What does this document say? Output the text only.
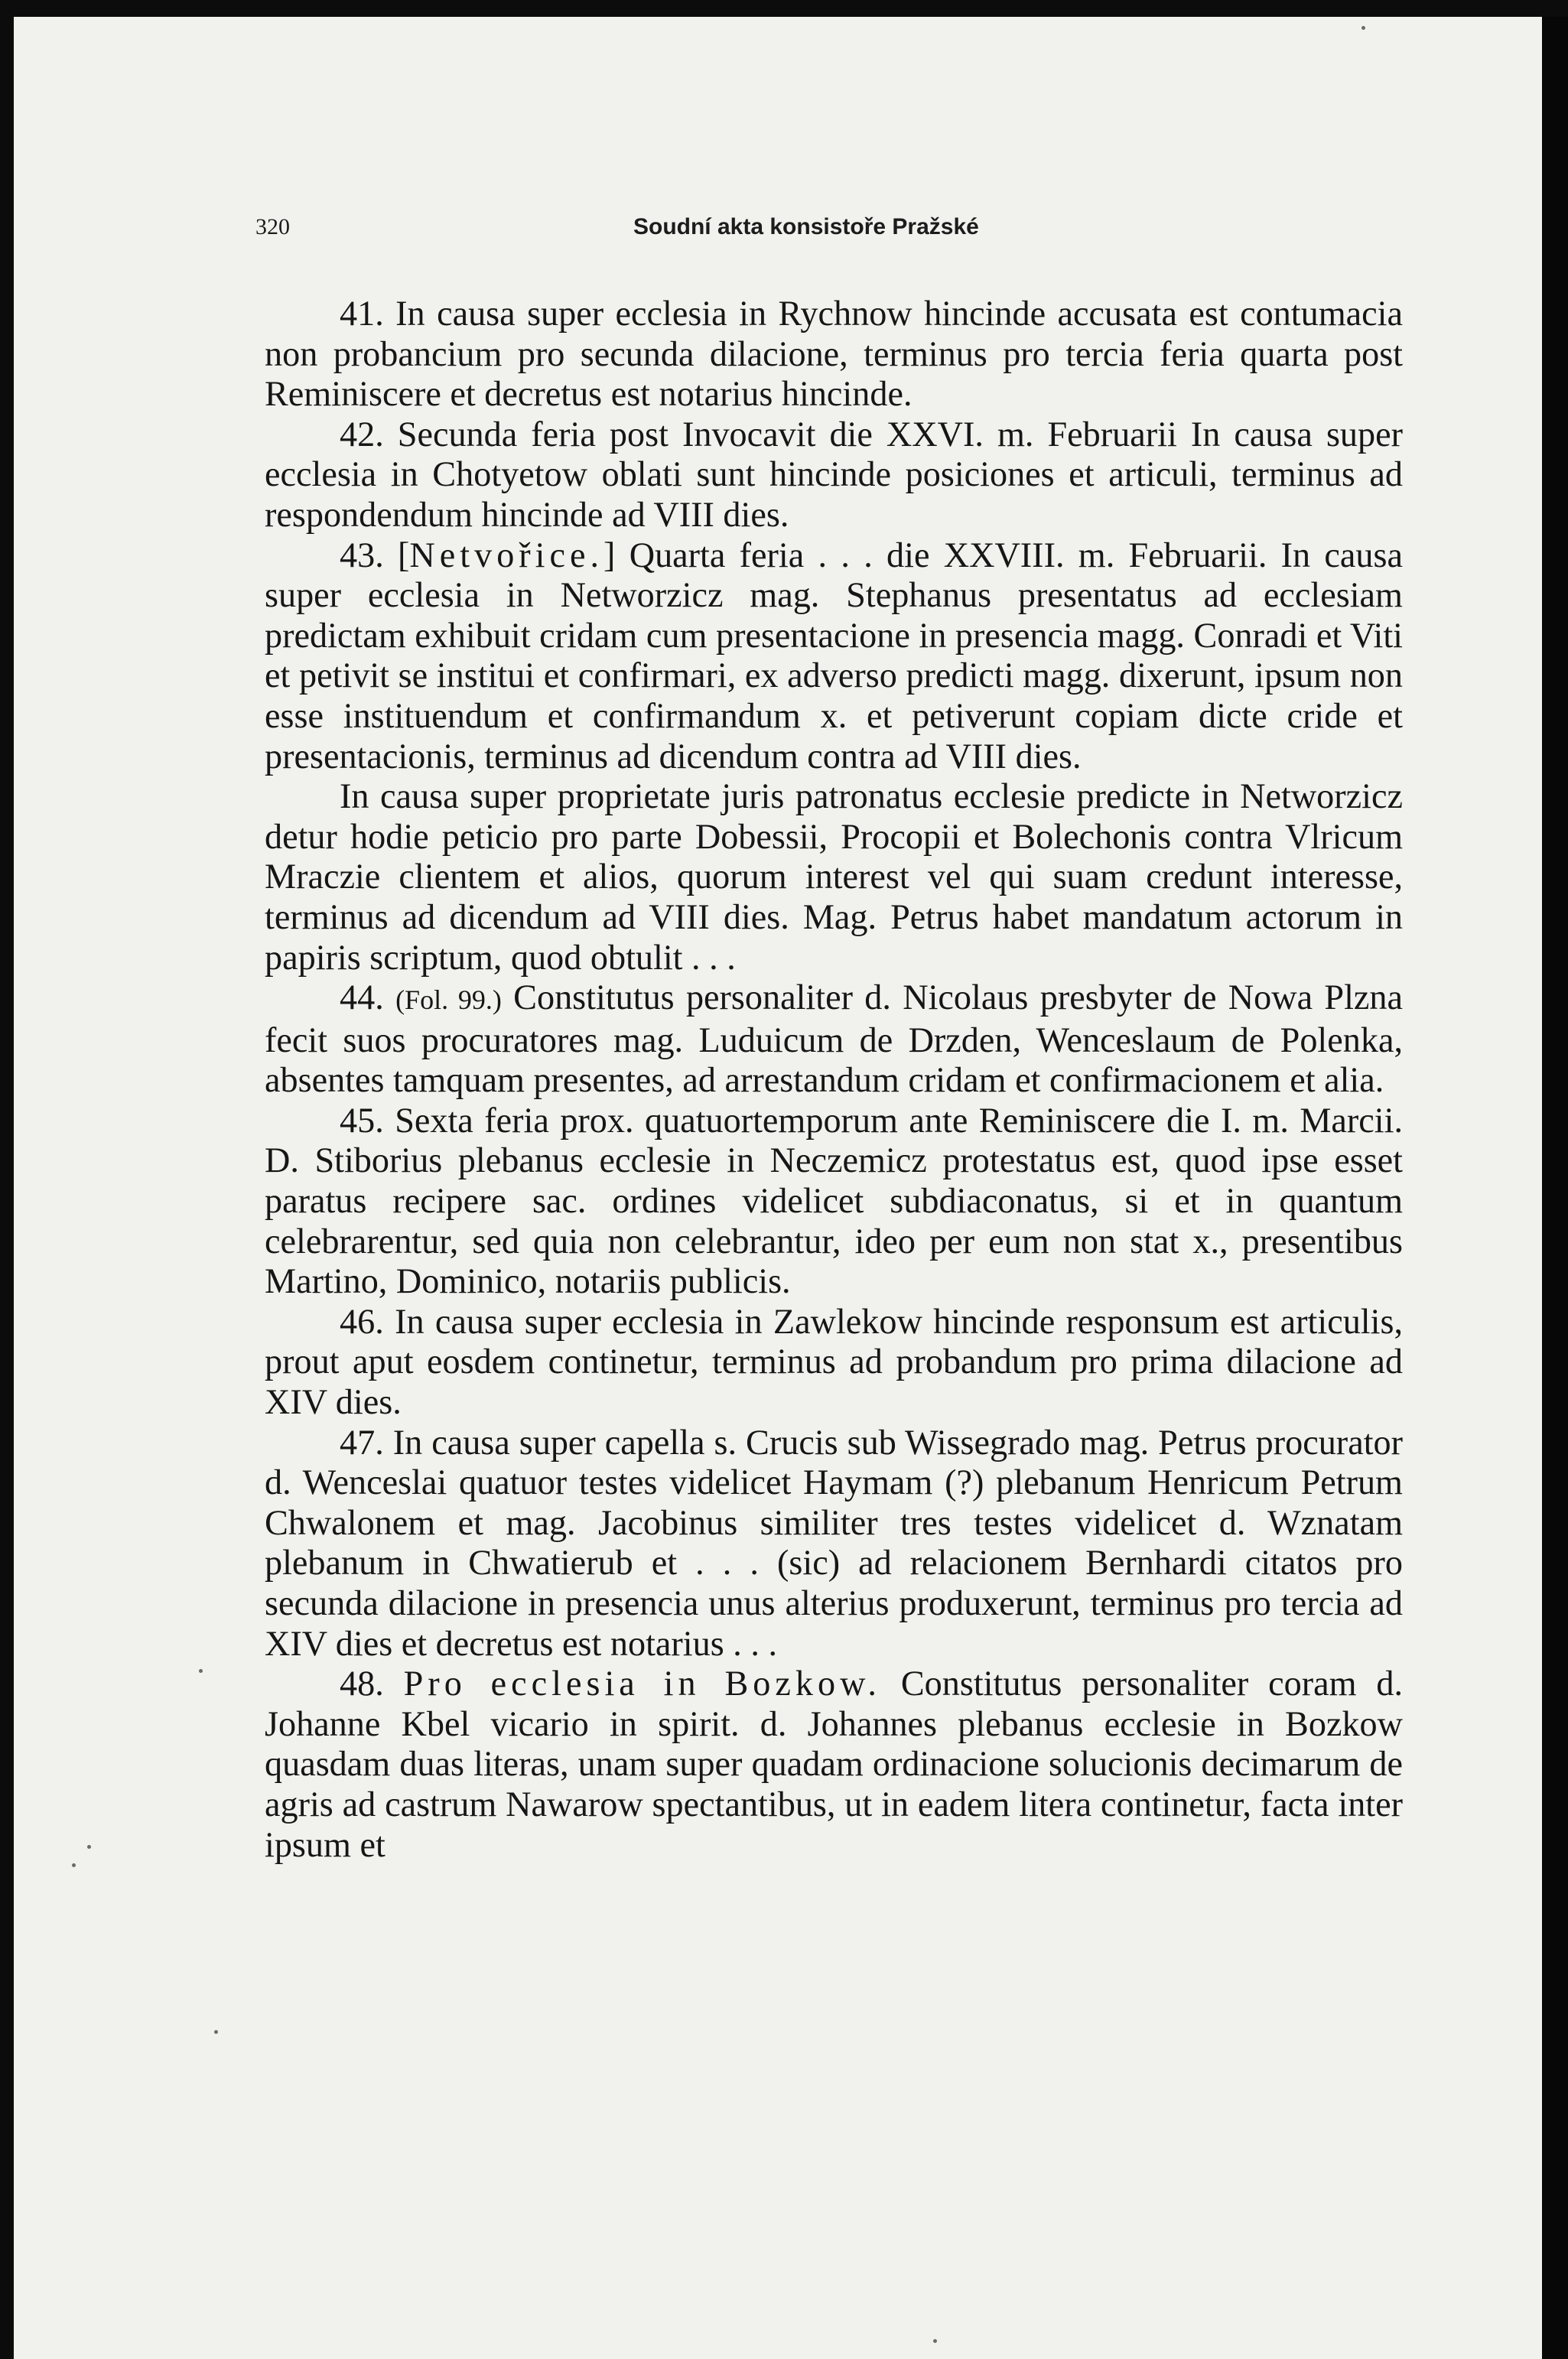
320	Soudní akta konsistoře Pražské

41. In causa super ecclesia in Rychnow hincinde accusata est contumacia non probancium pro secunda dilacione, terminus pro tercia feria quarta post Reminiscere et decretus est notarius hincinde.

42. Secunda feria post Invocavit die XXVI. m. Februarii In causa super ecclesia in Chotyetow oblati sunt hincinde posiciones et articuli, terminus ad respondendum hincinde ad VIII dies.

43. [Netvořice.] Quarta feria . . . die XXVIII. m. Februarii. In causa super ecclesia in Networzicz mag. Stephanus presentatus ad ecclesiam predictam exhibuit cridam cum presentacione in presencia magg. Conradi et Viti et petivit se institui et confirmari, ex adverso predicti magg. dixerunt, ipsum non esse instituendum et confirmandum x. et petiverunt copiam dicte cride et presentacionis, terminus ad dicendum contra ad VIII dies.

In causa super proprietate juris patronatus ecclesie predicte in Networzicz detur hodie peticio pro parte Dobessii, Procopii et Bolechonis contra Vlricum Mraczie clientem et alios, quorum interest vel qui suam credunt interesse, terminus ad dicendum ad VIII dies. Mag. Petrus habet mandatum actorum in papiris scriptum, quod obtulit . . .

44. (Fol. 99.) Constitutus personaliter d. Nicolaus presbyter de Nowa Plzna fecit suos procuratores mag. Luduicum de Drzden, Wenceslaum de Polenka, absentes tamquam presentes, ad arrestandum cridam et confirmacionem et alia.

45. Sexta feria prox. quatuortemporum ante Reminiscere die I. m. Marcii. D. Stiborius plebanus ecclesie in Neczemicz protestatus est, quod ipse esset paratus recipere sac. ordines videlicet subdiaconatus, si et in quantum celebrarentur, sed quia non celebrantur, ideo per eum non stat x., presentibus Martino, Dominico, notariis publicis.

46. In causa super ecclesia in Zawlekow hincinde responsum est articulis, prout aput eosdem continetur, terminus ad probandum pro prima dilacione ad XIV dies.

47. In causa super capella s. Crucis sub Wissegrado mag. Petrus procurator d. Wenceslai quatuor testes videlicet Haymam (?) plebanum Henricum Petrum Chwalonem et mag. Jacobinus similiter tres testes videlicet d. Wznatam plebanum in Chwatierub et . . . (sic) ad relacionem Bernhardi citatos pro secunda dilacione in presencia unus alterius produxerunt, terminus pro tercia ad XIV dies et decretus est notarius . . .

48. Pro ecclesia in Bozkow. Constitutus personaliter coram d. Johanne Kbel vicario in spirit. d. Johannes plebanus ecclesie in Bozkow quasdam duas literas, unam super quadam ordinacione solucionis decimarum de agris ad castrum Nawarow spectantibus, ut in eadem litera continetur, facta inter ipsum et
